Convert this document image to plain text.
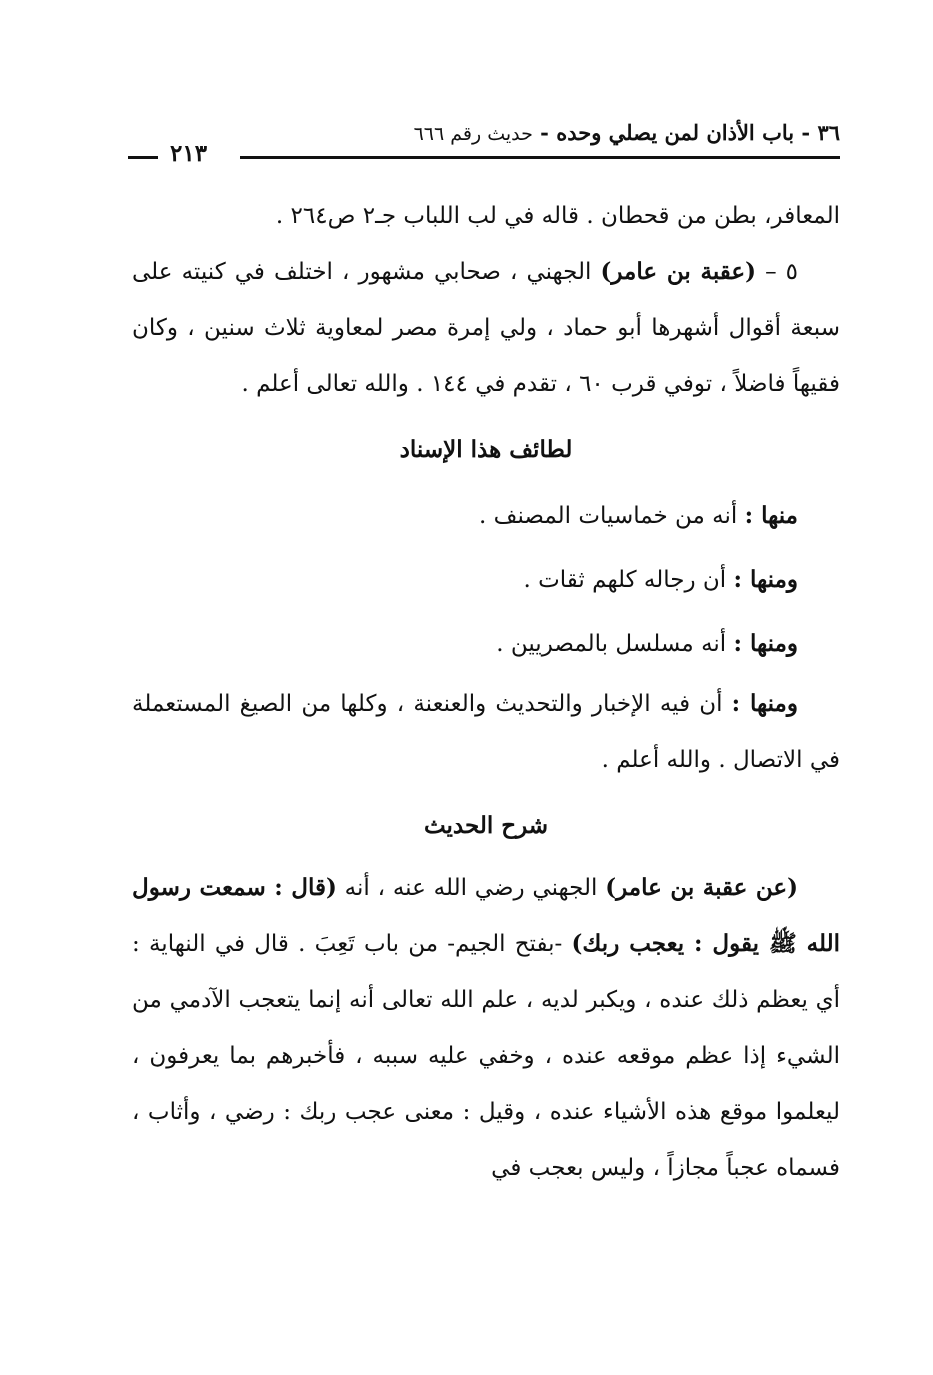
٣٦ - باب الأذان لمن يصلي وحده - حديث رقم ٦٦٦
٢١٣

المعافر، بطن من قحطان . قاله في لب اللباب جـ٢ ص٢٦٤ .

٥ – (عقبة بن عامر) الجهني ، صحابي مشهور ، اختلف في كنيته على سبعة أقوال أشهرها أبو حماد ، ولي إمرة مصر لمعاوية ثلاث سنين ، وكان فقيهاً فاضلاً ، توفي قرب ٦٠ ، تقدم في ١٤٤ . والله تعالى أعلم .

لطائف هذا الإسناد

منها : أنه من خماسيات المصنف .

ومنها : أن رجاله كلهم ثقات .

ومنها : أنه مسلسل بالمصريين .

ومنها : أن فيه الإخبار والتحديث والعنعنة ، وكلها من الصيغ المستعملة في الاتصال . والله أعلم .

شرح الحديث

(عن عقبة بن عامر) الجهني رضي الله عنه ، أنه (قال : سمعت رسول الله ﷺ يقول : يعجب ربك) -بفتح الجيم- من باب تَعِبَ . قال في النهاية : أي يعظم ذلك عنده ، ويكبر لديه ، علم الله تعالى أنه إنما يتعجب الآدمي من الشيء إذا عظم موقعه عنده ، وخفي عليه سببه ، فأخبرهم بما يعرفون ، ليعلموا موقع هذه الأشياء عنده ، وقيل : معنى عجب ربك : رضي ، وأثاب ، فسماه عجباً مجازاً ، وليس بعجب في
